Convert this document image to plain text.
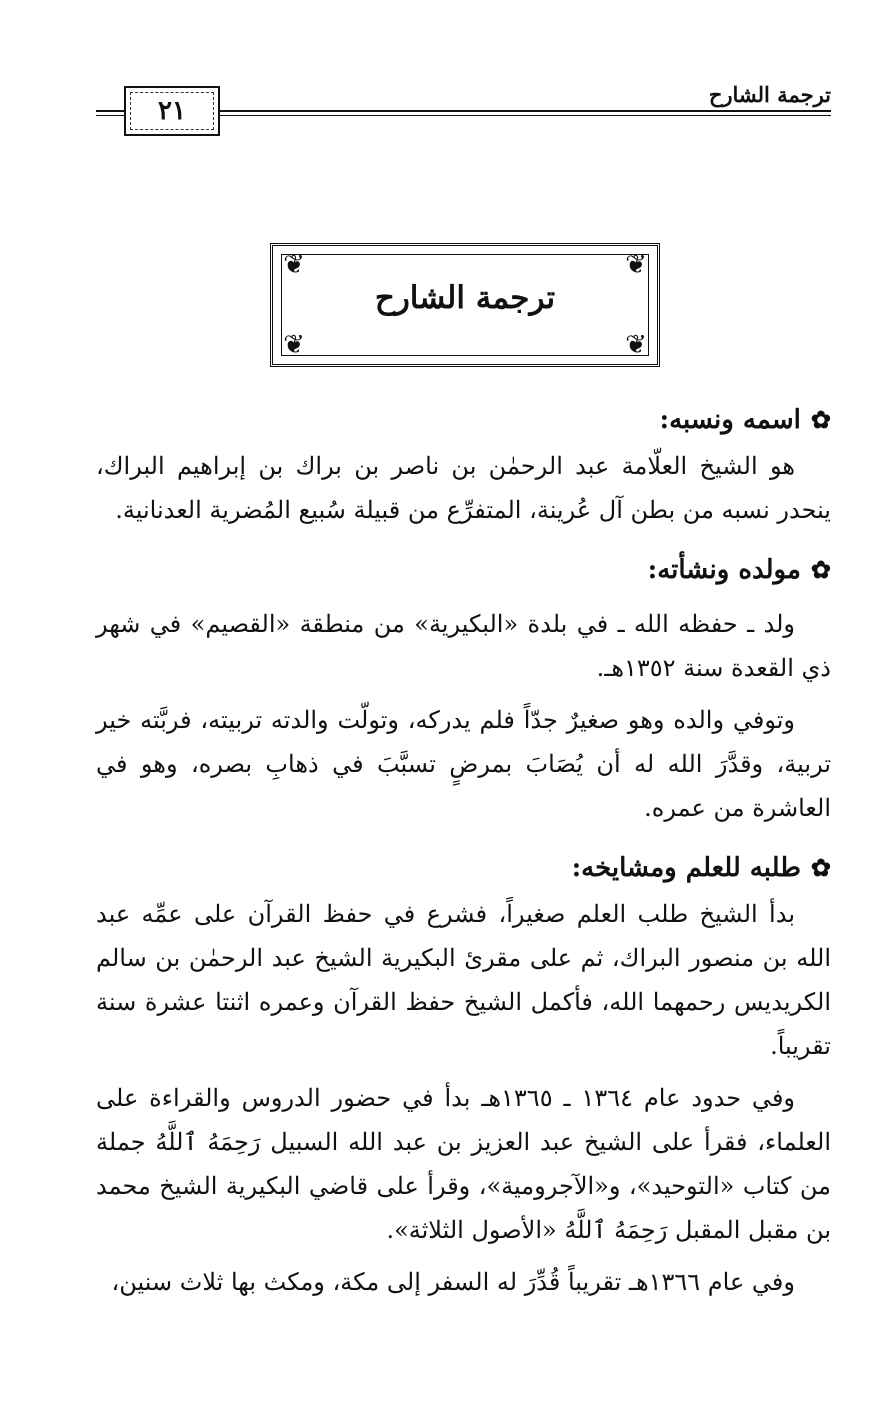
ترجمة الشارح
٢١
❦	❦
❦	❦
ترجمة الشارح
✿
اسمه ونسبه:

هو الشيخ العلّامة عبد الرحمٰن بن ناصر بن براك بن إبراهيم البراك، ينحدر نسبه من بطن آل عُرينة، المتفرِّع من قبيلة سُبيع المُضرية العدنانية.

✿
مولده ونشأته:

ولد ـ حفظه الله ـ في بلدة «البكيرية» من منطقة «القصيم» في شهر ذي القعدة سنة ١٣٥٢هـ.

وتوفي والده وهو صغيرٌ جدّاً فلم يدركه، وتولّت والدته تربيته، فربَّته خير تربية، وقدَّرَ الله له أن يُصَابَ بمرضٍ تسبَّبَ في ذهابِ بصره، وهو في العاشرة من عمره.

✿
طلبه للعلم ومشايخه:

بدأ الشيخ طلب العلم صغيراً، فشرع في حفظ القرآن على عمِّه عبد الله بن منصور البراك، ثم على مقرئ البكيرية الشيخ عبد الرحمٰن بن سالم الكريديس رحمهما الله، فأكمل الشيخ حفظ القرآن وعمره اثنتا عشرة سنة تقريباً.

وفي حدود عام ١٣٦٤ ـ ١٣٦٥هـ بدأ في حضور الدروس والقراءة على العلماء، فقرأ على الشيخ عبد العزيز بن عبد الله السبيل رَحِمَهُ ٱللَّهُ جملة من كتاب «التوحيد»، و«الآجرومية»، وقرأ على قاضي البكيرية الشيخ محمد بن مقبل المقبل رَحِمَهُ ٱللَّهُ «الأصول الثلاثة».

وفي عام ١٣٦٦هـ تقريباً قُدِّرَ له السفر إلى مكة، ومكث بها ثلاث سنين،
